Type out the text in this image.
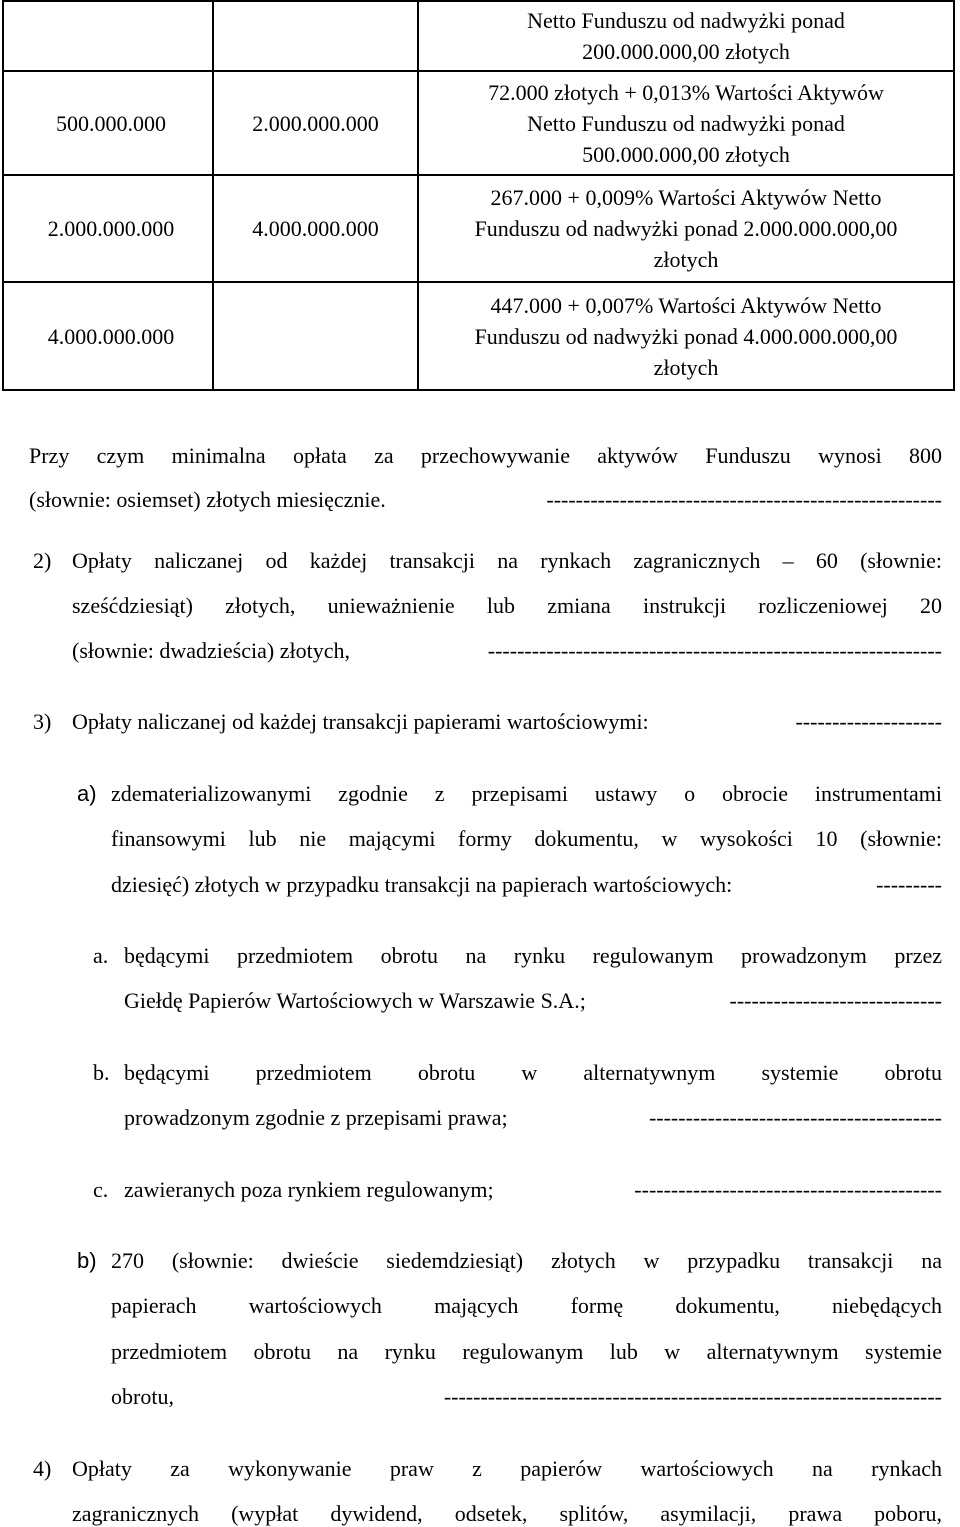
		Netto Funduszu od nadwyżki ponad
200.000.000,00 złotych

500.000.000	2.000.000.000	72.000 złotych + 0,013% Wartości Aktywów
Netto Funduszu od nadwyżki ponad
500.000.000,00 złotych

2.000.000.000	4.000.000.000	267.000 + 0,009% Wartości Aktywów Netto
Funduszu od nadwyżki ponad 2.000.000.000,00
złotych

4.000.000.000		447.000 + 0,007% Wartości Aktywów Netto
Funduszu od nadwyżki ponad 4.000.000.000,00
złotych
Przy czym minimalna opłata za przechowywanie aktywów Funduszu wynosi 800
(słownie: osiemset) złotych miesięcznie.	------------------------------------------------------
2) Opłaty naliczanej od każdej transakcji na rynkach zagranicznych – 60 (słownie:
sześćdziesiąt) złotych, unieważnienie lub zmiana instrukcji rozliczeniowej 20
(słownie: dwadzieścia) złotych,	--------------------------------------------------------------
3) Opłaty naliczanej od każdej transakcji papierami wartościowymi:	--------------------
a) zdematerializowanymi zgodnie z przepisami ustawy o obrocie instrumentami
finansowymi lub nie mającymi formy dokumentu, w wysokości 10 (słownie:
dziesięć) złotych w przypadku transakcji na papierach wartościowych:	---------
a. będącymi przedmiotem obrotu na rynku regulowanym prowadzonym przez
Giełdę Papierów Wartościowych w Warszawie S.A.;	-----------------------------
b. będącymi przedmiotem obrotu w alternatywnym systemie obrotu
prowadzonym zgodnie z przepisami prawa;	----------------------------------------
c. zawieranych poza rynkiem regulowanym;	------------------------------------------
b) 270 (słownie: dwieście siedemdziesiąt) złotych w przypadku transakcji na
papierach wartościowych mających formę dokumentu, niebędących
przedmiotem obrotu na rynku regulowanym lub w alternatywnym systemie
obrotu,	--------------------------------------------------------------------
4) Opłaty za wykonywanie praw z papierów wartościowych na rynkach
zagranicznych (wypłat dywidend, odsetek, splitów, asymilacji, prawa poboru,
